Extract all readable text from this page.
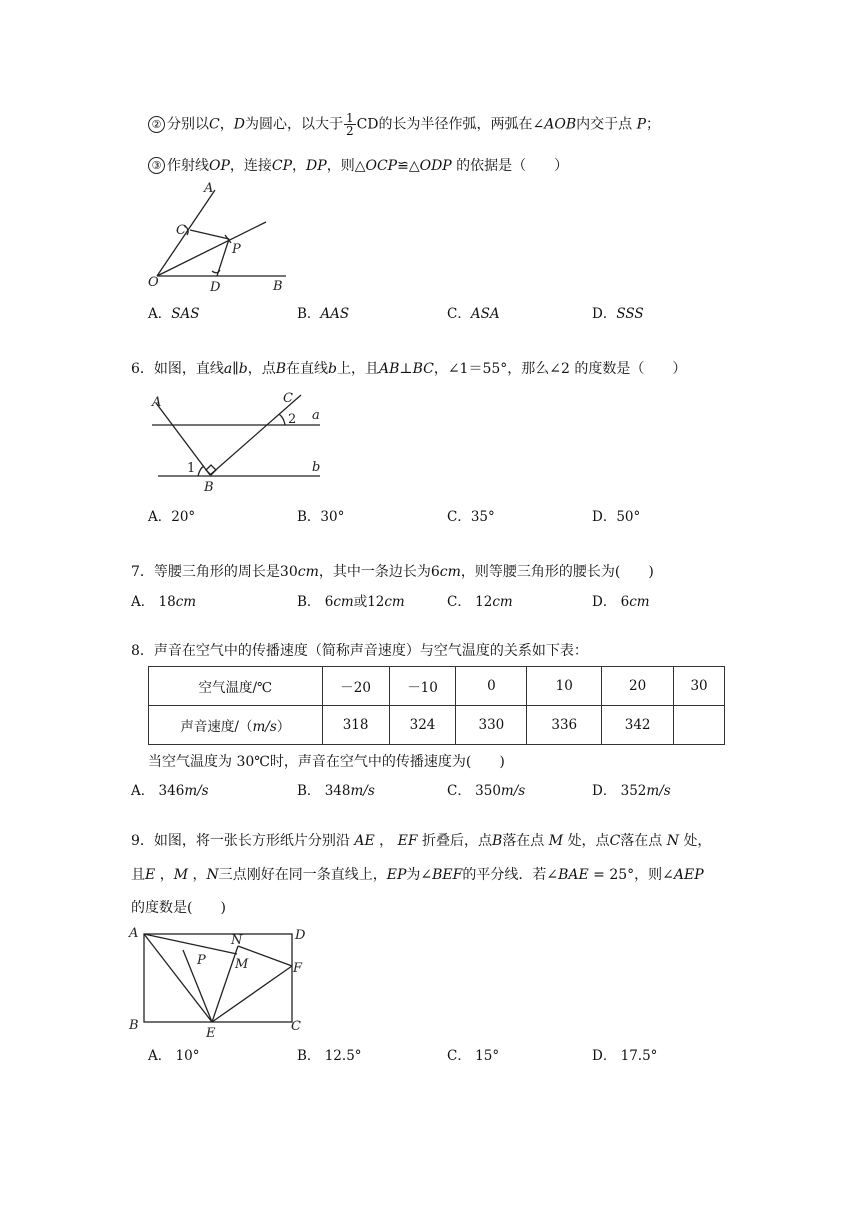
② 分别以C，D为圆心，以大于 $\frac{1}{2}$ CD的长为半径作弧，两弧在∠AOB内交于点 P；
③ 作射线OP，连接CP，DP，则△OCP≌△ODP 的依据是（　　）
A
C
P
O	D	B
A．SAS	B．AAS	C．ASA	D．SSS
6．如图，直线a∥b，点B在直线b上，且AB⊥BC，∠1＝55°，那么∠2 的度数是（　　）
A	C
a
2
1	b
B
A．20°	B．30°	C．35°	D．50°
7．等腰三角形的周长是30cm，其中一条边长为6cm，则等腰三角形的腰长为(　　)
A． 18cm	B． 6cm或12cm	C． 12cm	D． 6cm
8．声音在空气中的传播速度（简称声音速度）与空气温度的关系如下表：
空气温度/℃	－20	－10	0	10	20	30
声音速度/（m/s）	318	324	330	336	342	
当空气温度为 30℃时，声音在空气中的传播速度为(　　)
A． 346m/s	B． 348m/s	C． 350m/s	D． 352m/s
9．如图，将一张长方形纸片分别沿 AE ， EF 折叠后，点B落在点 M 处，点C落在点 N 处，
且E ，M ，N三点刚好在同一条直线上，EP为∠BEF的平分线．若∠BAE = 25°，则∠AEP
的度数是(　　)
A	N	D
P M	F
B
E	C
A． 10°	B． 12.5°	C． 15°	D． 17.5°
